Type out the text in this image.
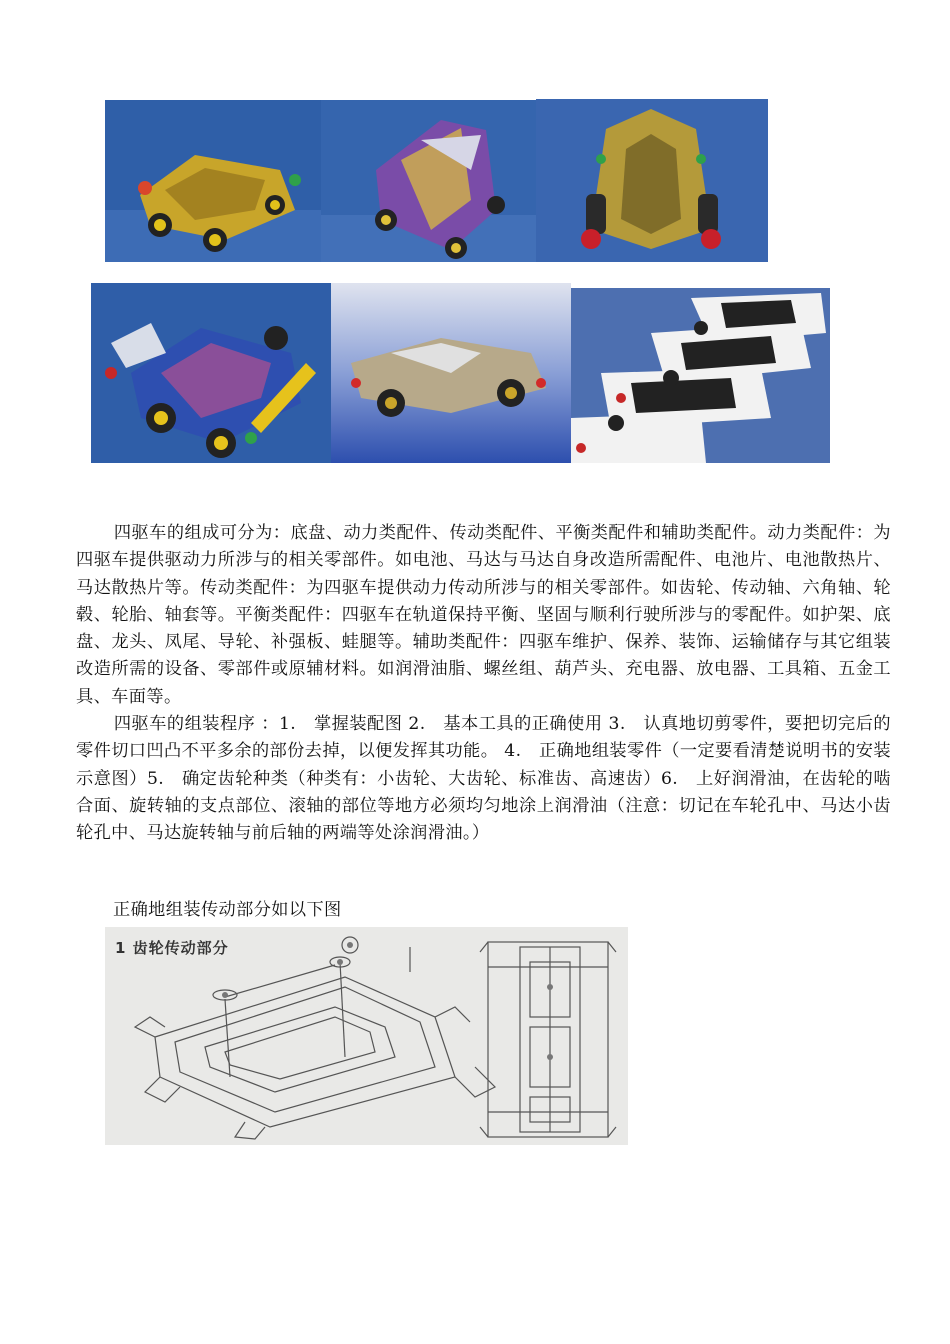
四驱车的组成可分为：底盘、动力类配件、传动类配件、平衡类配件和辅助类配件。动力类配件：为四驱车提供驱动力所涉与的相关零部件。如电池、马达与马达自身改造所需配件、电池片、电池散热片、马达散热片等。传动类配件：为四驱车提供动力传动所涉与的相关零部件。如齿轮、传动轴、六角轴、轮毂、轮胎、轴套等。平衡类配件：四驱车在轨道保持平衡、坚固与顺利行驶所涉与的零配件。如护架、底盘、龙头、凤尾、导轮、补强板、蛙腿等。辅助类配件：四驱车维护、保养、装饰、运输储存与其它组装改造所需的设备、零部件或原辅材料。如润滑油脂、螺丝组、葫芦头、充电器、放电器、工具箱、五金工具、车面等。

四驱车的组装程序 ：1.　掌握装配图 2.　基本工具的正确使用 3.　认真地切剪零件，要把切完后的零件切口凹凸不平多余的部份去掉，以便发挥其功能。 4.　正确地组装零件（一定要看清楚说明书的安装示意图）5.　确定齿轮种类（种类有：小齿轮、大齿轮、标准齿、高速齿）6.　上好润滑油，在齿轮的啮合面、旋转轴的支点部位、滚轴的部位等地方必须均匀地涂上润滑油（注意：切记在车轮孔中、马达小齿轮孔中、马达旋转轴与前后轴的两端等处涂润滑油。）

正确地组装传动部分如以下图
1 齿轮传动部分
